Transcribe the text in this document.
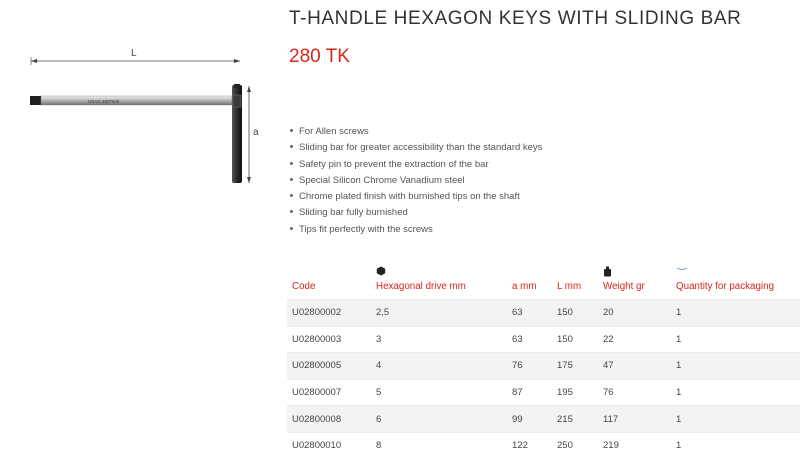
T-HANDLE HEXAGON KEYS WITH SLIDING BAR
280 TK
L
a
USAG 280TK/8
For Allen screws
Sliding bar for greater accessibility than the standard keys
Safety pin to prevent the extraction of the bar
Special Silicon Chrome Vanadium steel
Chrome plated finish with burnished tips on the shaft
Sliding bar fully burnished
Tips fit perfectly with the screws
Code	Hexagonal drive mm	a mm	L mm	Weight gr	Quantity for packaging
U02800002	2,5	63	150	20	1
U02800003	3	63	150	22	1
U02800005	4	76	175	47	1
U02800007	5	87	195	76	1
U02800008	6	99	215	117	1
U02800010	8	122	250	219	1
